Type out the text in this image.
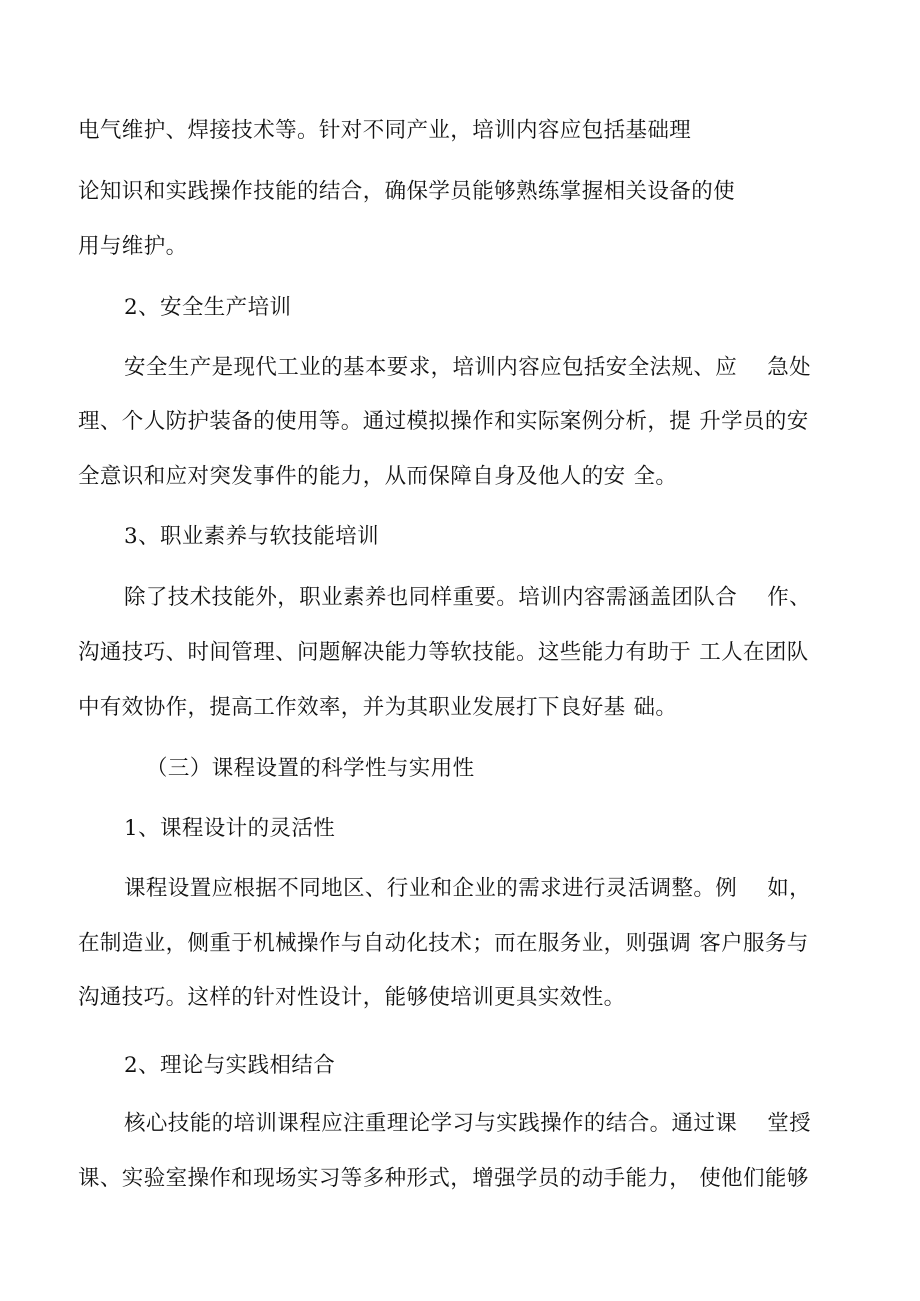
电气维护、焊接技术等。针对不同产业，培训内容应包括基础理
论知识和实践操作技能的结合，确保学员能够熟练掌握相关设备的使
用与维护。
2、安全生产培训
安全生产是现代工业的基本要求，培训内容应包括安全法规、应 急处
理、个人防护装备的使用等。通过模拟操作和实际案例分析，提 升学员的安
全意识和应对突发事件的能力，从而保障自身及他人的安 全。
3、职业素养与软技能培训
除了技术技能外，职业素养也同样重要。培训内容需涵盖团队合 作、
沟通技巧、时间管理、问题解决能力等软技能。这些能力有助于 工人在团队
中有效协作，提高工作效率，并为其职业发展打下良好基 础。
（三）课程设置的科学性与实用性
1、课程设计的灵活性
课程设置应根据不同地区、行业和企业的需求进行灵活调整。例 如，
在制造业，侧重于机械操作与自动化技术；而在服务业，则强调 客户服务与
沟通技巧。这样的针对性设计，能够使培训更具实效性。
2、理论与实践相结合
核心技能的培训课程应注重理论学习与实践操作的结合。通过课 堂授
课、实验室操作和现场实习等多种形式，增强学员的动手能力， 使他们能够
